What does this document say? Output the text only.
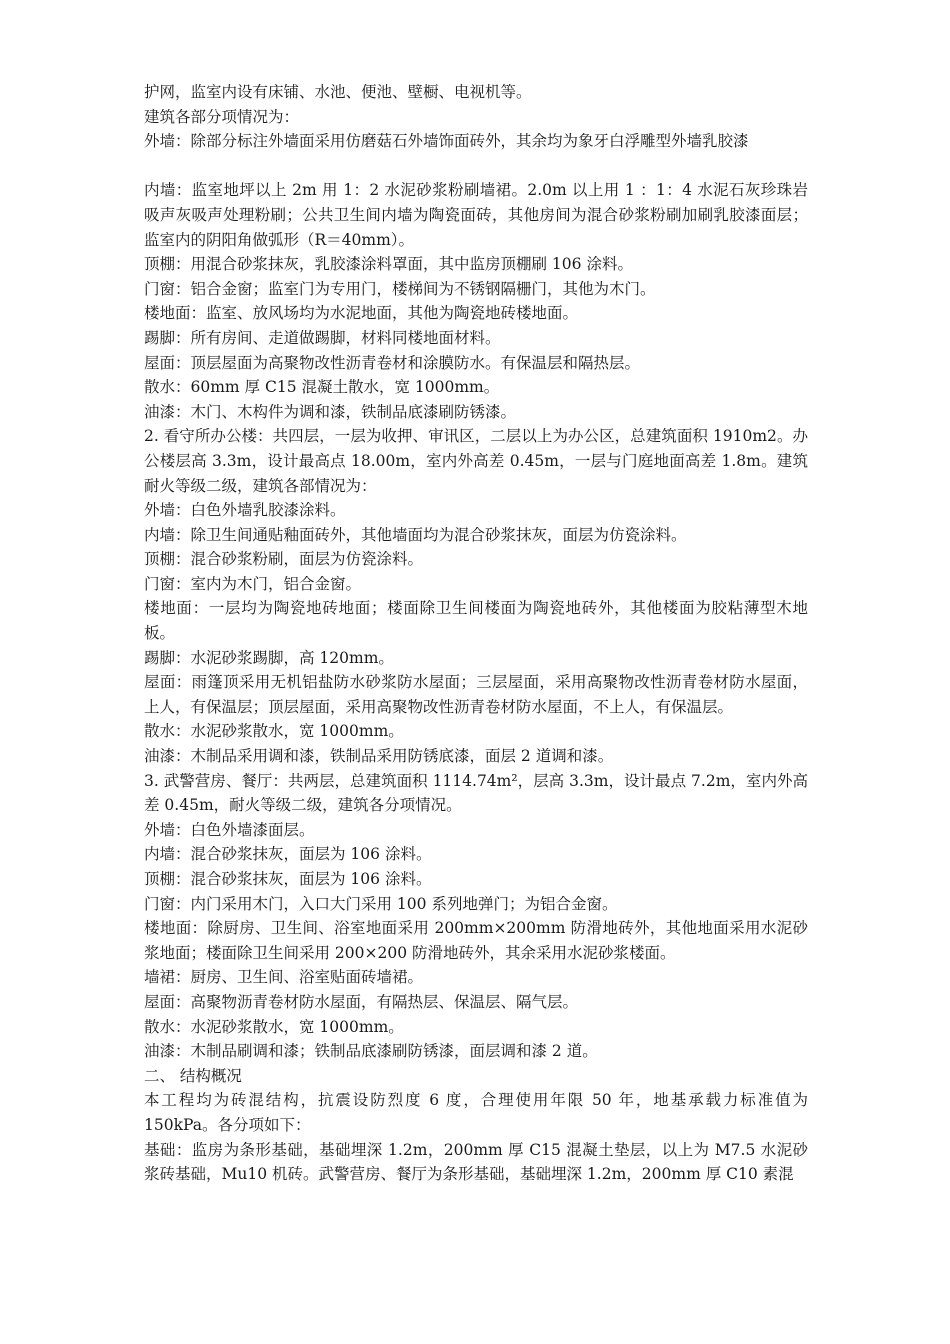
护网，监室内设有床铺、水池、便池、壁橱、电视机等。

建筑各部分项情况为：

外墙：除部分标注外墙面采用仿磨菇石外墙饰面砖外，其余均为象牙白浮雕型外墙乳胶漆

内墙：监室地坪以上 2m 用 1：2 水泥砂浆粉刷墙裙。2.0m 以上用 1 ：1：4 水泥石灰珍珠岩吸声灰吸声处理粉刷；公共卫生间内墙为陶瓷面砖，其他房间为混合砂浆粉刷加刷乳胶漆面层；监室内的阴阳角做弧形（R＝40mm）。

顶棚：用混合砂浆抹灰，乳胶漆涂料罩面，其中监房顶棚刷 106 涂料。

门窗：铝合金窗；监室门为专用门，楼梯间为不锈钢隔栅门，其他为木门。

楼地面：监室、放风场均为水泥地面，其他为陶瓷地砖楼地面。

踢脚：所有房间、走道做踢脚，材料同楼地面材料。

屋面：顶层屋面为高聚物改性沥青卷材和涂膜防水。有保温层和隔热层。

散水：60mm 厚 C15 混凝土散水，宽 1000mm。

油漆：木门、木构件为调和漆，铁制品底漆刷防锈漆。

2. 看守所办公楼：共四层，一层为收押、审讯区，二层以上为办公区，总建筑面积 1910m2。办公楼层高 3.3m，设计最高点 18.00m，室内外高差 0.45m，一层与门庭地面高差 1.8m。建筑耐火等级二级，建筑各部情况为：

外墙：白色外墙乳胶漆涂料。

内墙：除卫生间通贴釉面砖外，其他墙面均为混合砂浆抹灰，面层为仿瓷涂料。

顶棚：混合砂浆粉刷，面层为仿瓷涂料。

门窗：室内为木门，铝合金窗。

楼地面：一层均为陶瓷地砖地面；楼面除卫生间楼面为陶瓷地砖外，其他楼面为胶粘薄型木地板。

踢脚：水泥砂浆踢脚，高 120mm。

屋面：雨篷顶采用无机铝盐防水砂浆防水屋面；三层屋面，采用高聚物改性沥青卷材防水屋面，上人，有保温层；顶层屋面，采用高聚物改性沥青卷材防水屋面，不上人，有保温层。

散水：水泥砂浆散水，宽 1000mm。

油漆：木制品采用调和漆，铁制品采用防锈底漆，面层 2 道调和漆。

3. 武警营房、餐厅：共两层，总建筑面积 1114.74m²，层高 3.3m，设计最点 7.2m，室内外高差 0.45m，耐火等级二级，建筑各分项情况。

外墙：白色外墙漆面层。

内墙：混合砂浆抹灰，面层为 106 涂料。

顶棚：混合砂浆抹灰，面层为 106 涂料。

门窗：内门采用木门，入口大门采用 100 系列地弹门；为铝合金窗。

楼地面：除厨房、卫生间、浴室地面采用 200mm×200mm 防滑地砖外，其他地面采用水泥砂浆地面；楼面除卫生间采用 200×200 防滑地砖外，其余采用水泥砂浆楼面。

墙裙：厨房、卫生间、浴室贴面砖墙裙。

屋面：高聚物沥青卷材防水屋面，有隔热层、保温层、隔气层。

散水：水泥砂浆散水，宽 1000mm。

油漆：木制品刷调和漆；铁制品底漆刷防锈漆，面层调和漆 2 道。

二、 结构概况

本工程均为砖混结构，抗震设防烈度 6 度，合理使用年限 50 年，地基承载力标准值为 150kPa。各分项如下：

基础：监房为条形基础，基础埋深 1.2m，200mm 厚 C15 混凝土垫层，以上为 M7.5 水泥砂浆砖基础，Mu10 机砖。武警营房、餐厅为条形基础，基础埋深 1.2m，200mm 厚 C10 素混
